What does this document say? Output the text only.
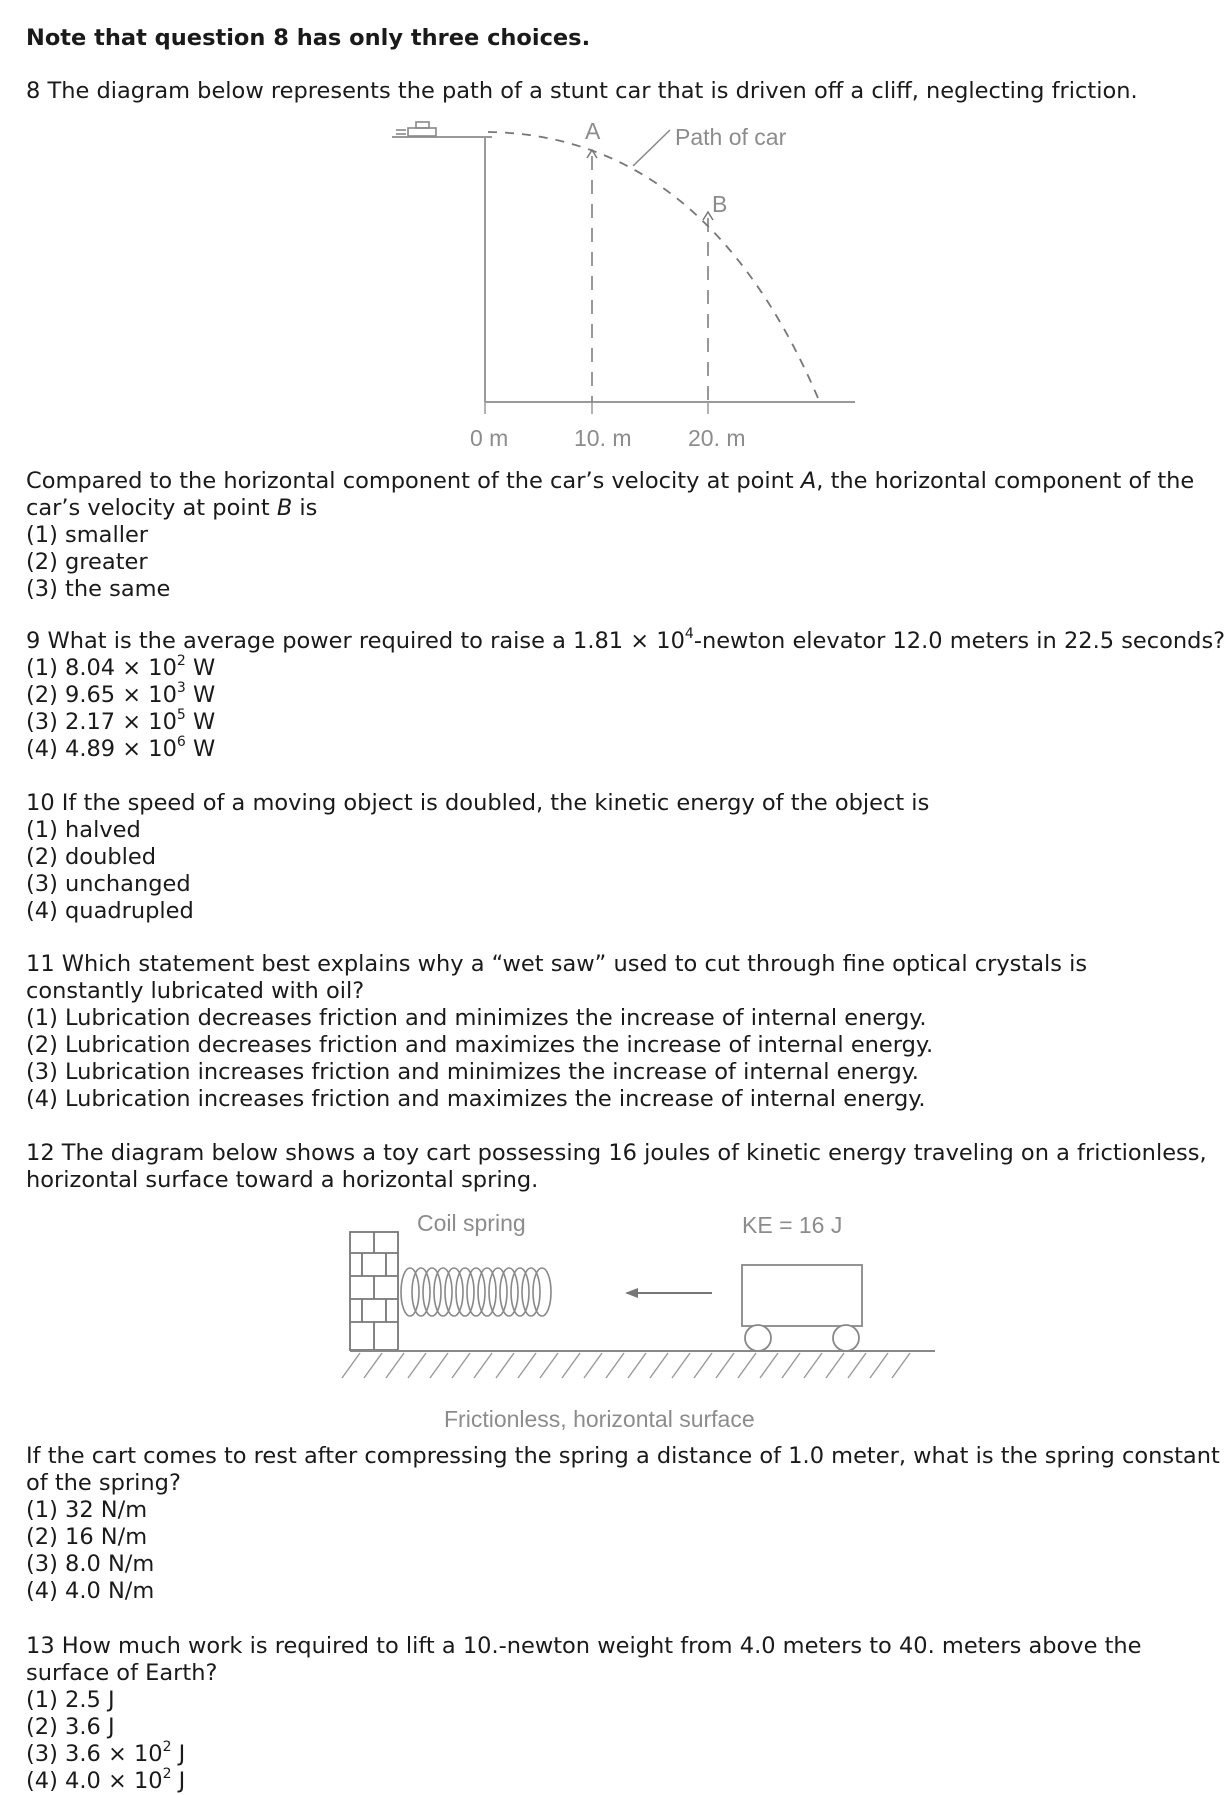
Note that question 8 has only three choices.
8 The diagram below represents the path of a stunt car that is driven off a cliff, neglecting friction.
A
B
Path of car
0 m	10. m 20. m
Compared to the horizontal component of the car’s velocity at point A, the horizontal component of the
car’s velocity at point B is
(1) smaller
(2) greater
(3) the same
9 What is the average power required to raise a $1.81 \times 10^4$-newton elevator 12.0 meters in 22.5 seconds?
(1) $8.04 \times 10^2$ W
(2) $9.65 \times 10^3$ W
(3) $2.17 \times 10^5$ W
(4) $4.89 \times 10^6$ W
10 If the speed of a moving object is doubled, the kinetic energy of the object is
(1) halved
(2) doubled
(3) unchanged
(4) quadrupled
11 Which statement best explains why a “wet saw” used to cut through fine optical crystals is
constantly lubricated with oil?
(1) Lubrication decreases friction and minimizes the increase of internal energy.
(2) Lubrication decreases friction and maximizes the increase of internal energy.
(3) Lubrication increases friction and minimizes the increase of internal energy.
(4) Lubrication increases friction and maximizes the increase of internal energy.
12 The diagram below shows a toy cart possessing 16 joules of kinetic energy traveling on a frictionless,
horizontal surface toward a horizontal spring.
Coil spring	KE = 16 J
Frictionless, horizontal surface
If the cart comes to rest after compressing the spring a distance of 1.0 meter, what is the spring constant
of the spring?
(1) 32 N/m
(2) 16 N/m
(3) 8.0 N/m
(4) 4.0 N/m
13 How much work is required to lift a 10.-newton weight from 4.0 meters to 40. meters above the
surface of Earth?
(1) 2.5 J
(2) 3.6 J
(3) $3.6 \times 10^2$ J
(4) $4.0 \times 10^2$ J
